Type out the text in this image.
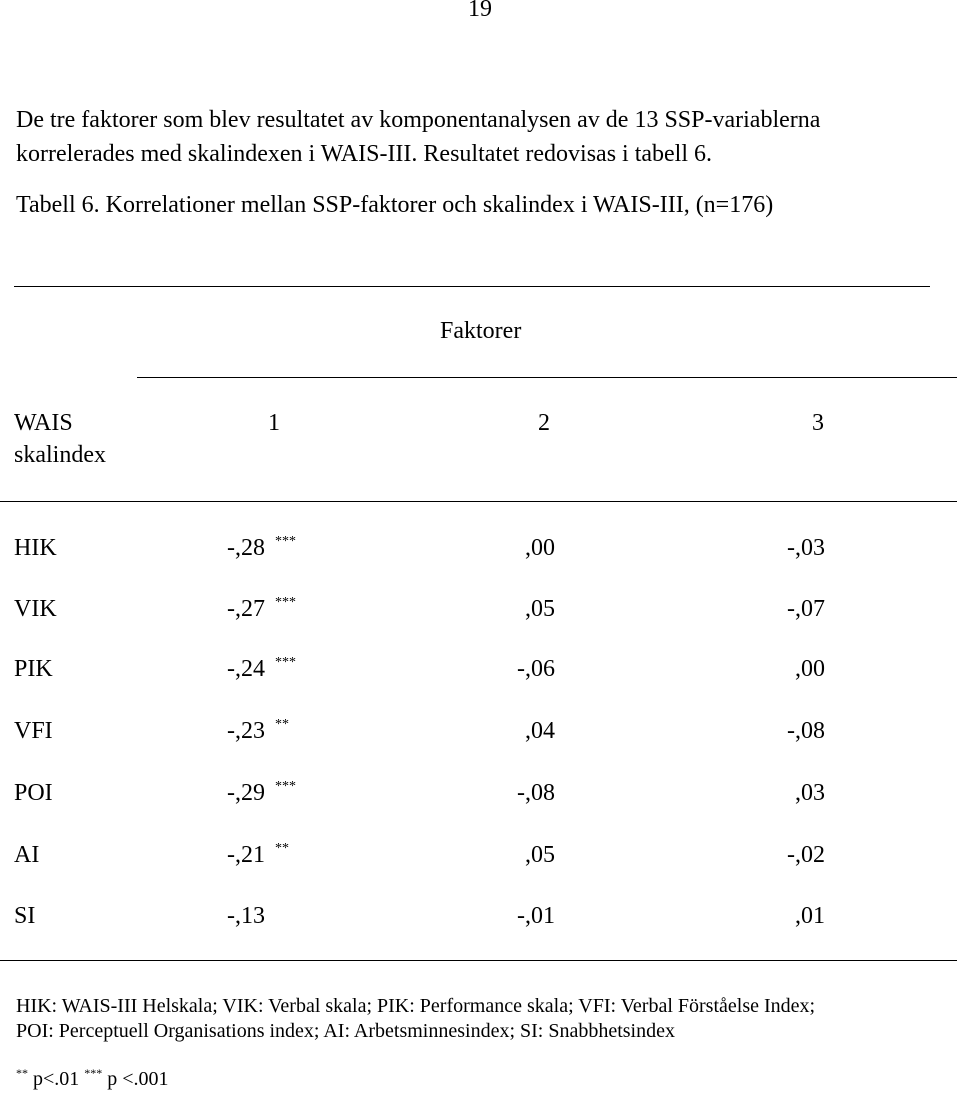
19
De tre faktorer som blev resultatet av komponentanalysen av de 13 SSP-variablerna
korrelerades med skalindexen i WAIS-III. Resultatet redovisas i tabell 6.
Tabell 6. Korrelationer mellan SSP-faktorer och skalindex i WAIS-III, (n=176)
Faktorer
WAIS
skalindex
1	2	3
HIK	-,28 ***	,00	-,03
VIK	-,27 ***	,05	-,07
PIK	-,24 ***	-,06	,00
VFI	-,23 **	,04	-,08
POI	-,29 ***	-,08	,03
AI	-,21 **	,05	-,02
SI	-,13	-,01	,01
HIK: WAIS-III Helskala; VIK: Verbal skala; PIK: Performance skala; VFI: Verbal Förståelse Index;
POI: Perceptuell Organisations index; AI: Arbetsminnesindex; SI: Snabbhetsindex
** p<.01 *** p <.001
